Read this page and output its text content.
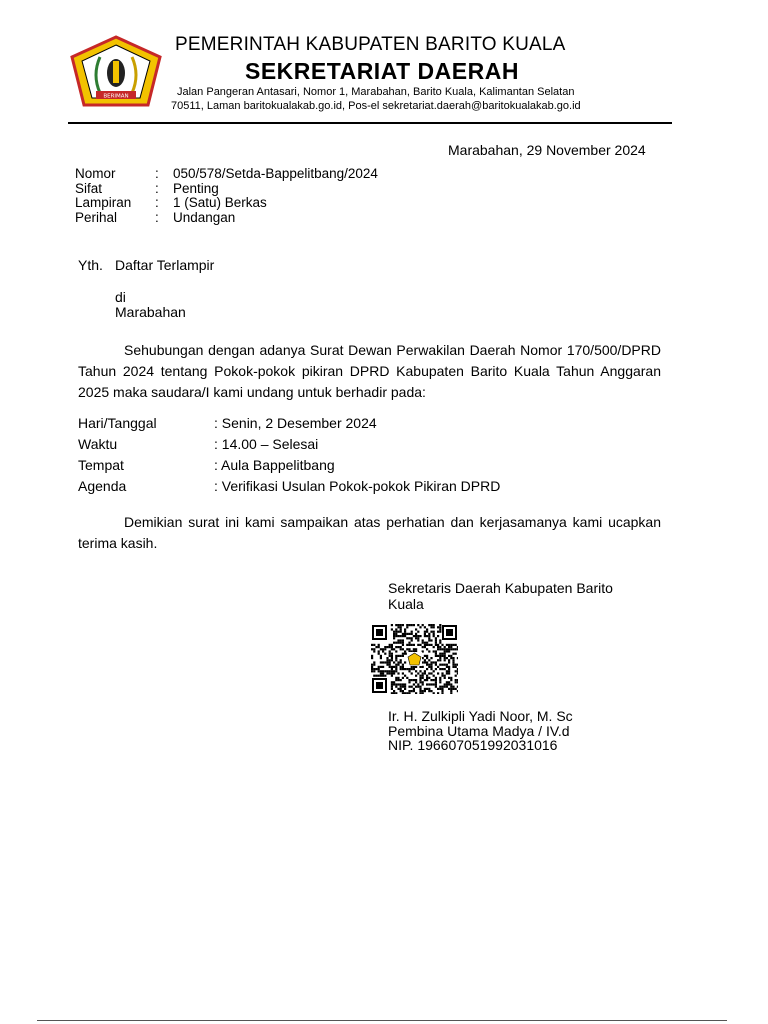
BERIMAN
PEMERINTAH KABUPATEN BARITO KUALA
SEKRETARIAT DAERAH
Jalan Pangeran Antasari, Nomor 1, Marabahan, Barito Kuala, Kalimantan Selatan
70511, Laman baritokualakab.go.id, Pos-el sekretariat.daerah@baritokualakab.go.id
Marabahan, 29 November 2024
Nomor	:	050/578/Setda-Bappelitbang/2024
Sifat	:	Penting
Lampiran	:	1 (Satu) Berkas
Perihal	:	Undangan
Yth. Daftar Terlampir
di
Marabahan
Sehubungan dengan adanya Surat Dewan Perwakilan Daerah Nomor 170/500/DPRD Tahun 2024 tentang Pokok-pokok pikiran DPRD Kabupaten Barito Kuala Tahun Anggaran 2025 maka saudara/I kami undang untuk berhadir pada:
Hari/Tanggal	: Senin, 2 Desember 2024
Waktu	: 14.00 – Selesai
Tempat	: Aula Bappelitbang
Agenda	: Verifikasi Usulan Pokok-pokok Pikiran DPRD
Demikian surat ini kami sampaikan atas perhatian dan kerjasamanya kami ucapkan terima kasih.
Sekretaris Daerah Kabupaten Barito Kuala
Ir. H. Zulkipli Yadi Noor, M. Sc
Pembina Utama Madya / IV.d
NIP. 196607051992031016
